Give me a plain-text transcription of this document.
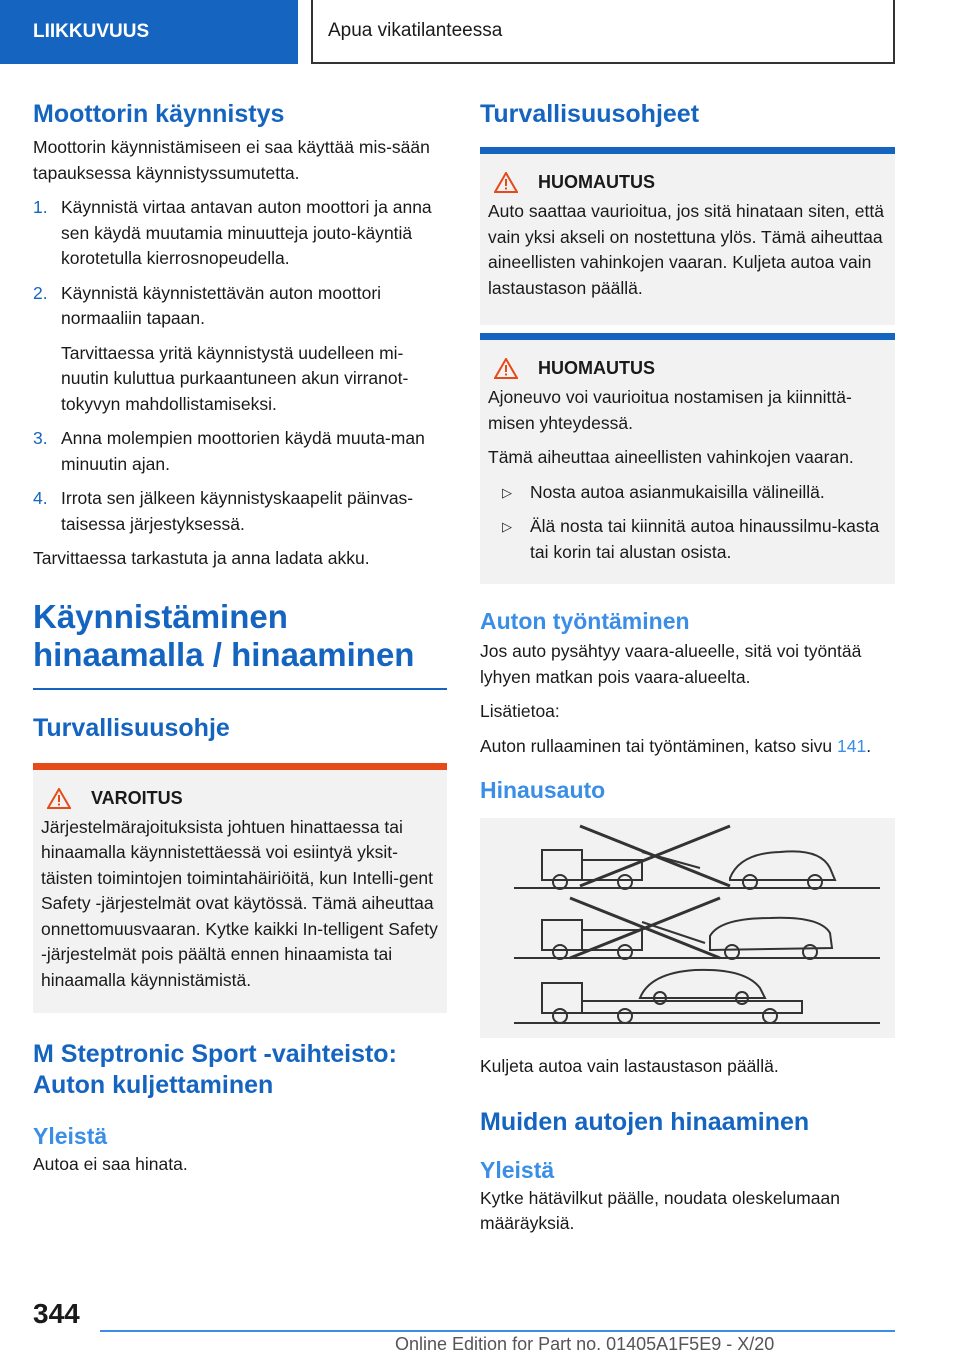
LIIKKUVUUS	Apua vikatilanteessa
Moottorin käynnistys

Moottorin käynnistämiseen ei saa käyttää mis-sään tapauksessa käynnistyssumutetta.

1. Käynnistä virtaa antavan auton moottori ja anna sen käydä muutamia minuutteja jouto-käyntiä korotetulla kierrosnopeudella.
2. Käynnistä käynnistettävän auton moottori normaaliin tapaan.

Tarvittaessa yritä käynnistystä uudelleen mi-nuutin kuluttua purkaantuneen akun virranot-tokyvyn mahdollistamiseksi.

3. Anna molempien moottorien käydä muuta-man minuutin ajan.
4. Irrota sen jälkeen käynnistyskaapelit päinvas-taisessa järjestyksessä.

Tarvittaessa tarkastuta ja anna ladata akku.

Käynnistäminen
hinaamalla / hinaaminen
Turvallisuusohje
VAROITUS

Järjestelmärajoituksista johtuen hinattaessa tai hinaamalla käynnistettäessä voi esiintyä yksit-täisten toimintojen toimintahäiriöitä, kun Intelli-gent Safety -järjestelmät ovat käytössä. Tämä aiheuttaa onnettomuusvaaran. Kytke kaikki In-telligent Safety -järjestelmät pois päältä ennen hinaamista tai hinaamalla käynnistämistä.

M Steptronic Sport -vaihteisto:
Auton kuljettaminen
Yleistä

Autoa ei saa hinata.

Turvallisuusohjeet
HUOMAUTUS

Auto saattaa vaurioitua, jos sitä hinataan siten, että vain yksi akseli on nostettuna ylös. Tämä aiheuttaa aineellisten vahinkojen vaaran. Kuljeta autoa vain lastaustason päällä.

HUOMAUTUS

Ajoneuvo voi vaurioitua nostamisen ja kiinnittä-misen yhteydessä.

Tämä aiheuttaa aineellisten vahinkojen vaaran.

▷ Nosta autoa asianmukaisilla välineillä.
▷ Älä nosta tai kiinnitä autoa hinaussilmu-kasta tai korin tai alustan osista.
Auton työntäminen

Jos auto pysähtyy vaara-alueelle, sitä voi työntää lyhyen matkan pois vaara-alueelta.

Lisätietoa:

Auton rullaaminen tai työntäminen, katso sivu 141.

Hinausauto

Kuljeta autoa vain lastaustason päällä.

Muiden autojen hinaaminen
Yleistä

Kytke hätävilkut päälle, noudata oleskelumaan määräyksiä.

344
Online Edition for Part no. 01405A1F5E9 - X/20
